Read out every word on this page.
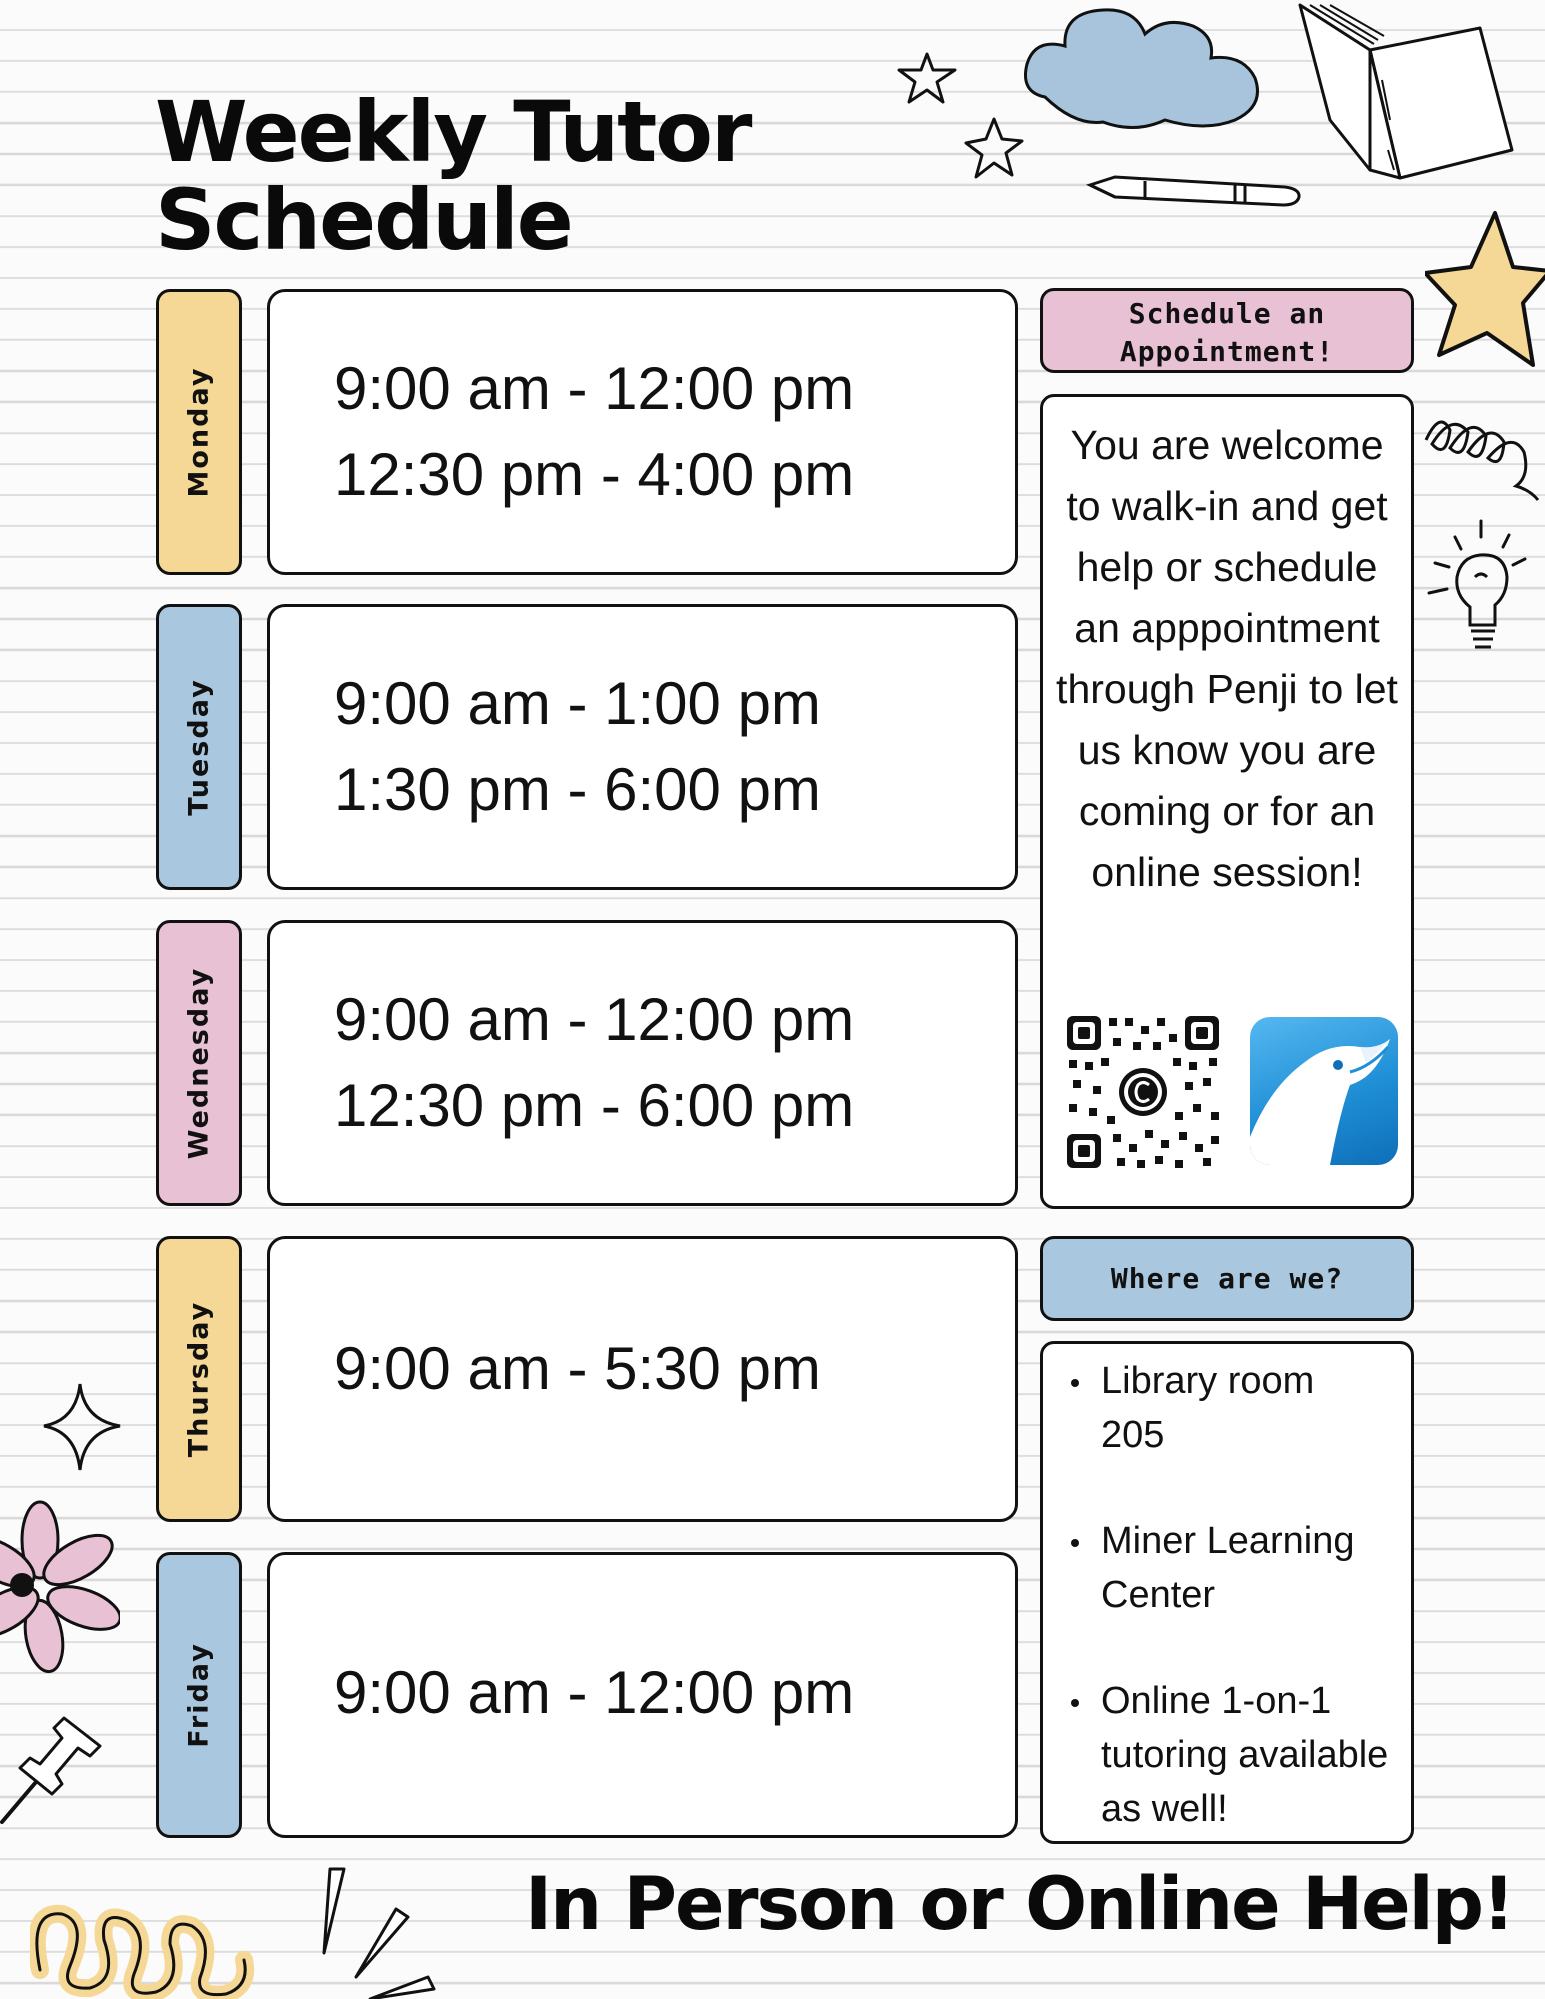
Weekly Tutor
Schedule
Monday 9:00 am - 12:00 pm
12:30 pm - 4:00 pm
Tuesday 9:00 am - 1:00 pm
1:30 pm - 6:00 pm
Wednesday 9:00 am - 12:00 pm
12:30 pm - 6:00 pm
Thursday 9:00 am - 5:30 pm
Friday 9:00 am - 12:00 pm
Schedule an Appointment!
You are welcome to walk-in and get help or schedule an apppointment through Penji to let us know you are coming or for an online session!
Where are we?
Library room 205
Miner Learning Center
Online 1-on-1 tutoring available as well!

In Person or Online Help!
